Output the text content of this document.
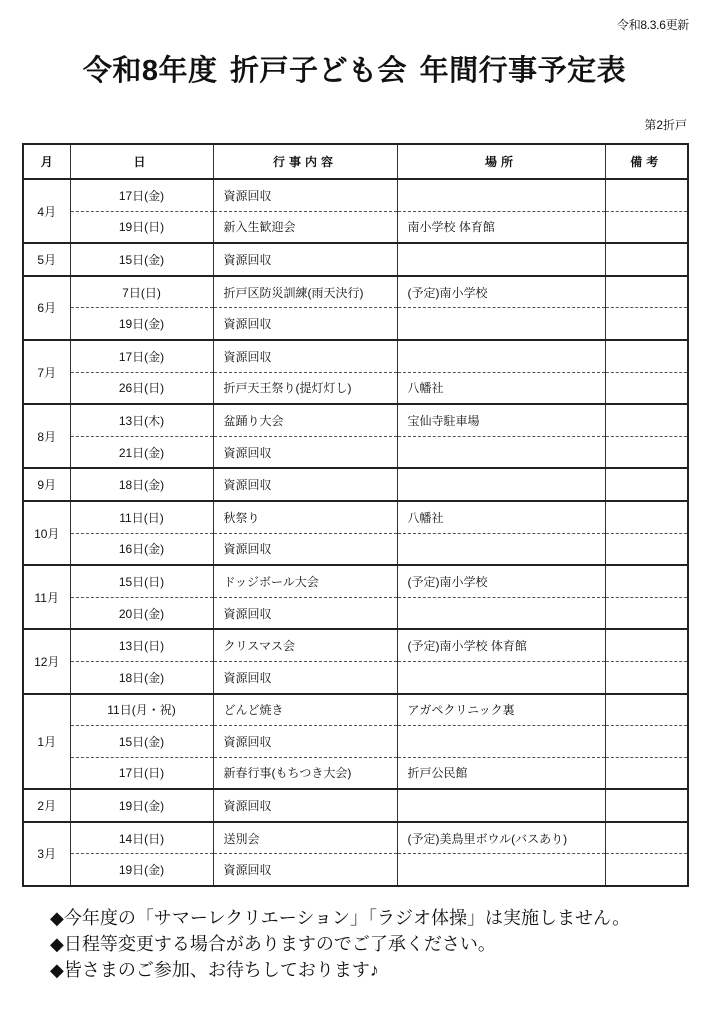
令和8.3.6更新
令和8年度 折戸子ども会 年間行事予定表
第2折戸
月	日	行事内容	場所	備考
4月	17日(金)	資源回収		
	19日(日)	新入生歓迎会	南小学校 体育館	
5月	15日(金)	資源回収		
6月	7日(日)	折戸区防災訓練(雨天決行)	(予定)南小学校	
	19日(金)	資源回収		
7月	17日(金)	資源回収		
	26日(日)	折戸天王祭り(提灯灯し)	八幡社	
8月	13日(木)	盆踊り大会	宝仙寺駐車場	
	21日(金)	資源回収		
9月	18日(金)	資源回収		
10月	11日(日)	秋祭り	八幡社	
	16日(金)	資源回収		
11月	15日(日)	ドッジボール大会	(予定)南小学校	
	20日(金)	資源回収		
12月	13日(日)	クリスマス会	(予定)南小学校 体育館	
	18日(金)	資源回収		
1月	11日(月・祝)	どんど焼き	アガペクリニック裏	
	15日(金)	資源回収		
	17日(日)	新春行事(もちつき大会)	折戸公民館	
2月	19日(金)	資源回収		
3月	14日(日)	送別会	(予定)美鳥里ボウル(バスあり)	
	19日(金)	資源回収		
◆今年度の「サマーレクリエーション」「ラジオ体操」は実施しません。
◆日程等変更する場合がありますのでご了承ください。
◆皆さまのご参加、お待ちしております♪
